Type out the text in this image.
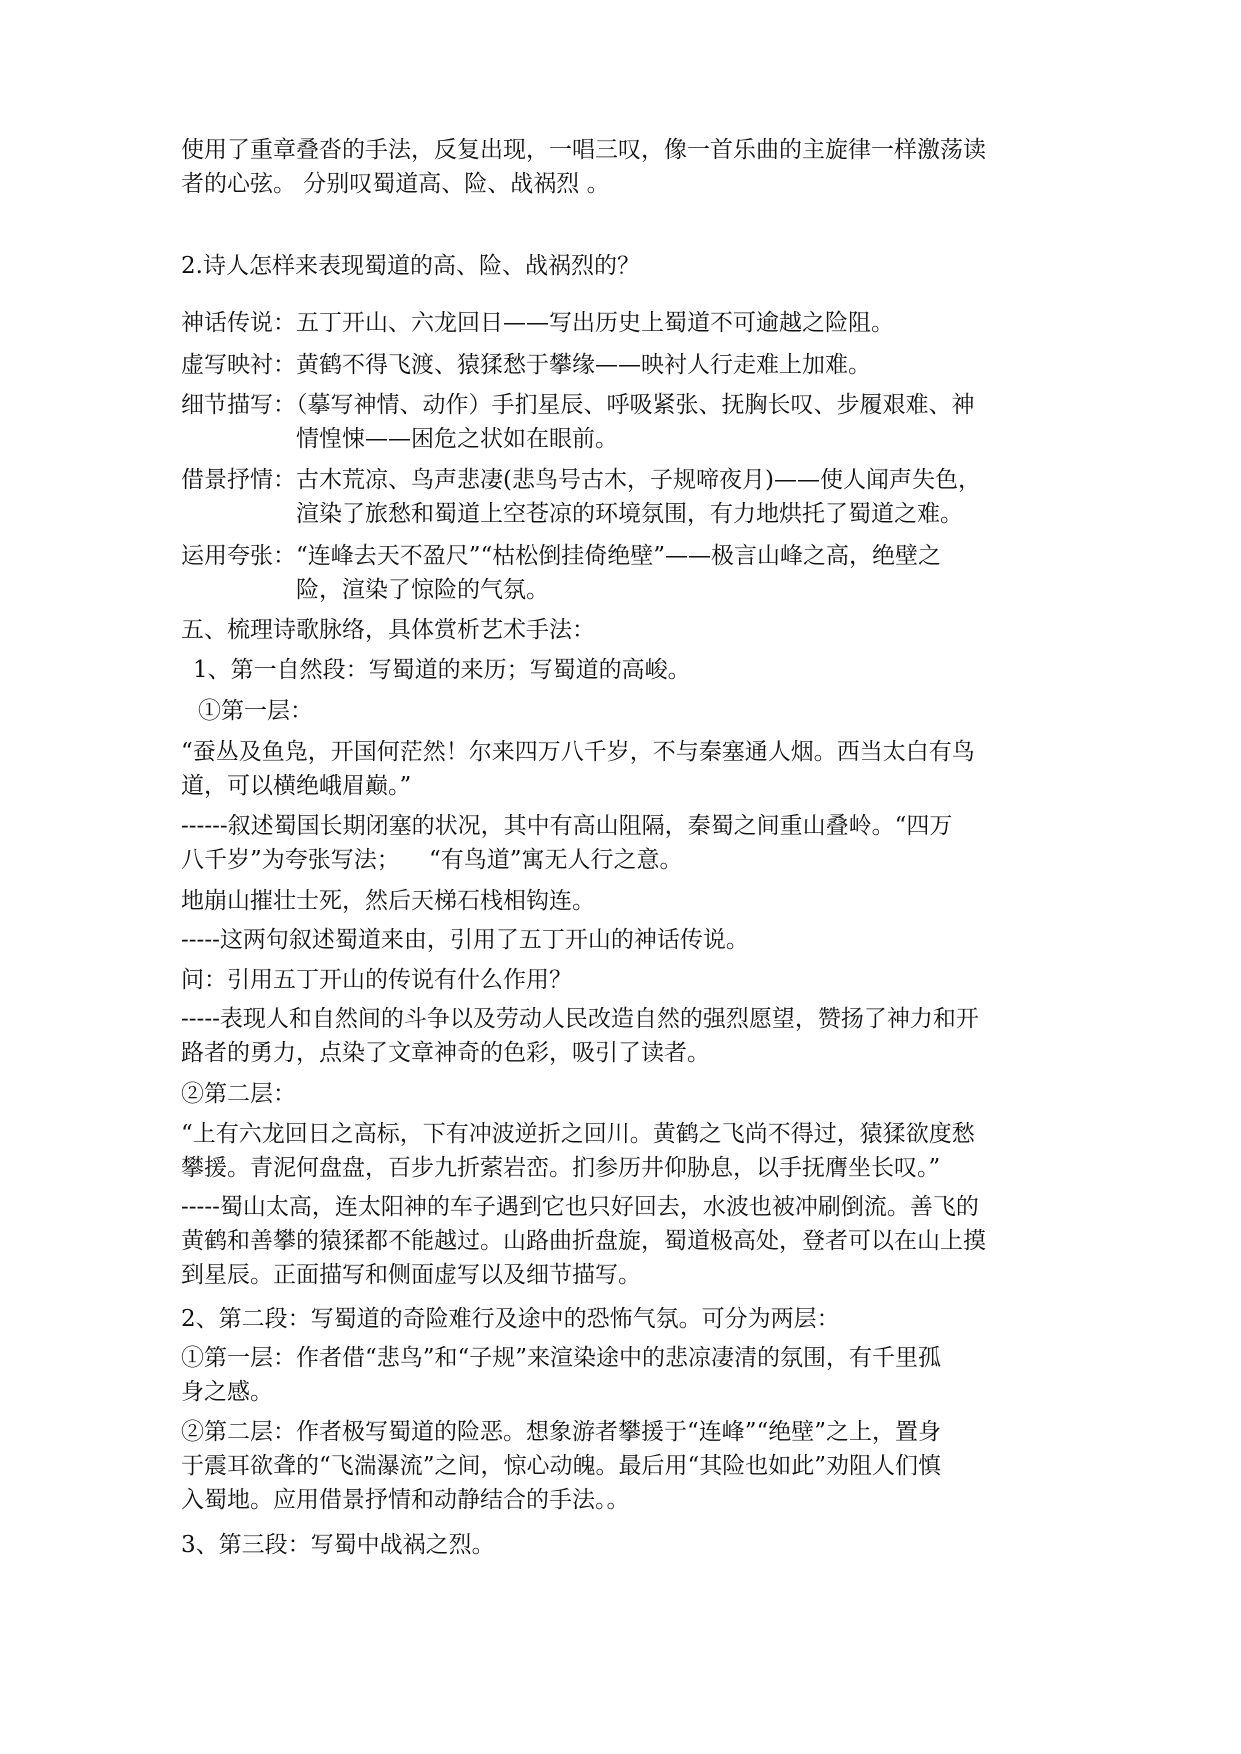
使用了重章叠沓的手法，反复出现，一唱三叹，像一首乐曲的主旋律一样激荡读
者的心弦。 分别叹蜀道高、险、战祸烈 。
2.诗人怎样来表现蜀道的高、险、战祸烈的？
神话传说：五丁开山、六龙回日——写出历史上蜀道不可逾越之险阻。
虚写映衬：黄鹤不得飞渡、猿猱愁于攀缘——映衬人行走难上加难。
细节描写：（摹写神情、动作）手扪星辰、呼吸紧张、抚胸长叹、步履艰难、神
情惶悚——困危之状如在眼前。
借景抒情：古木荒凉、鸟声悲凄(悲鸟号古木，子规啼夜月)——使人闻声失色，
渲染了旅愁和蜀道上空苍凉的环境氛围，有力地烘托了蜀道之难。
运用夸张：“连峰去天不盈尺”“枯松倒挂倚绝壁”——极言山峰之高，绝壁之
险，渲染了惊险的气氛。
五、梳理诗歌脉络，具体赏析艺术手法：
1、第一自然段：写蜀道的来历；写蜀道的高峻。
①第一层：
“蚕丛及鱼凫，开国何茫然！尔来四万八千岁，不与秦塞通人烟。西当太白有鸟
道，可以横绝峨眉巅。”
------叙述蜀国长期闭塞的状况，其中有高山阻隔，秦蜀之间重山叠岭。“四万
八千岁”为夸张写法；    “有鸟道”寓无人行之意。
地崩山摧壮士死，然后天梯石栈相钩连。
-----这两句叙述蜀道来由，引用了五丁开山的神话传说。
问：引用五丁开山的传说有什么作用？
-----表现人和自然间的斗争以及劳动人民改造自然的强烈愿望，赞扬了神力和开
路者的勇力，点染了文章神奇的色彩，吸引了读者。
②第二层：
“上有六龙回日之高标，下有冲波逆折之回川。黄鹤之飞尚不得过，猿猱欲度愁
攀援。青泥何盘盘，百步九折萦岩峦。扪参历井仰胁息，以手抚膺坐长叹。”
-----蜀山太高，连太阳神的车子遇到它也只好回去，水波也被冲刷倒流。善飞的
黄鹤和善攀的猿猱都不能越过。山路曲折盘旋，蜀道极高处，登者可以在山上摸
到星辰。正面描写和侧面虚写以及细节描写。
2、第二段：写蜀道的奇险难行及途中的恐怖气氛。可分为两层：
①第一层：作者借“悲鸟”和“子规”来渲染途中的悲凉凄清的氛围，有千里孤
身之感。
②第二层：作者极写蜀道的险恶。想象游者攀援于“连峰”“绝壁”之上，置身
于震耳欲聋的“飞湍瀑流”之间，惊心动魄。最后用“其险也如此”劝阻人们慎
入蜀地。应用借景抒情和动静结合的手法。。
3、第三段：写蜀中战祸之烈。
